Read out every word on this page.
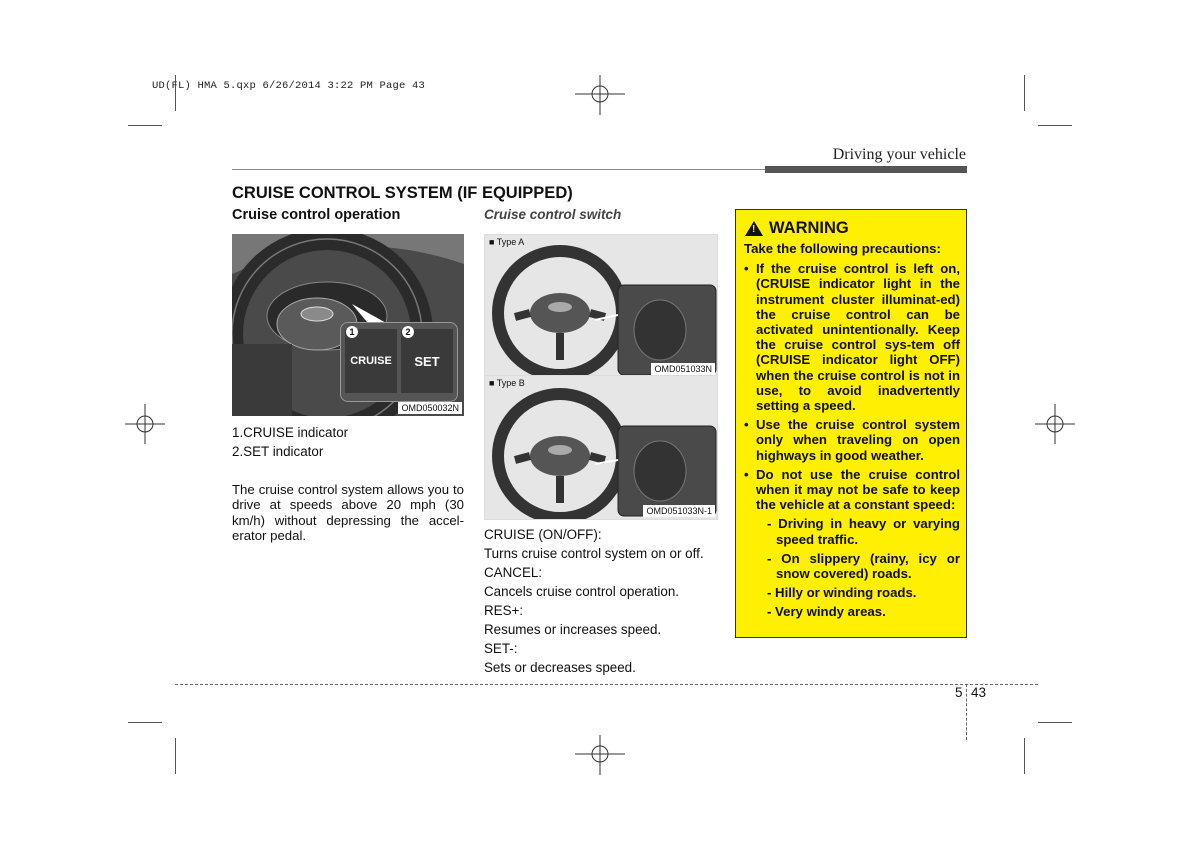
UD(FL) HMA 5.qxp 6/26/2014 3:22 PM Page 43
Driving your vehicle
CRUISE CONTROL SYSTEM (IF EQUIPPED)
Cruise control operation	Cruise control switch
CRUISE	SET
1	2
OMD050032N
1.CRUISE indicator
2.SET indicator
The cruise control system allows you to drive at speeds above 20 mph (30 km/h) without depressing the accel-erator pedal.
■ Type A
OMD051033N
■ Type B
OMD051033N-1
CRUISE (ON/OFF):
Turns cruise control system on or off.
CANCEL:
Cancels cruise control operation.
RES+:
Resumes or increases speed.
SET-:
Sets or decreases speed.
! WARNING
Take the following precautions:
• If the cruise control is left on, (CRUISE indicator light in the instrument cluster illuminat-ed) the cruise control can be activated unintentionally. Keep the cruise control sys-tem off (CRUISE indicator light OFF) when the cruise control is not in use, to avoid inadvertently setting a speed.
• Use the cruise control system only when traveling on open highways in good weather.
• Do not use the cruise control when it may not be safe to keep the vehicle at a constant speed:
- Driving in heavy or varying speed traffic.
- On slippery (rainy, icy or snow covered) roads.
- Hilly or winding roads.
- Very windy areas.
5 43
